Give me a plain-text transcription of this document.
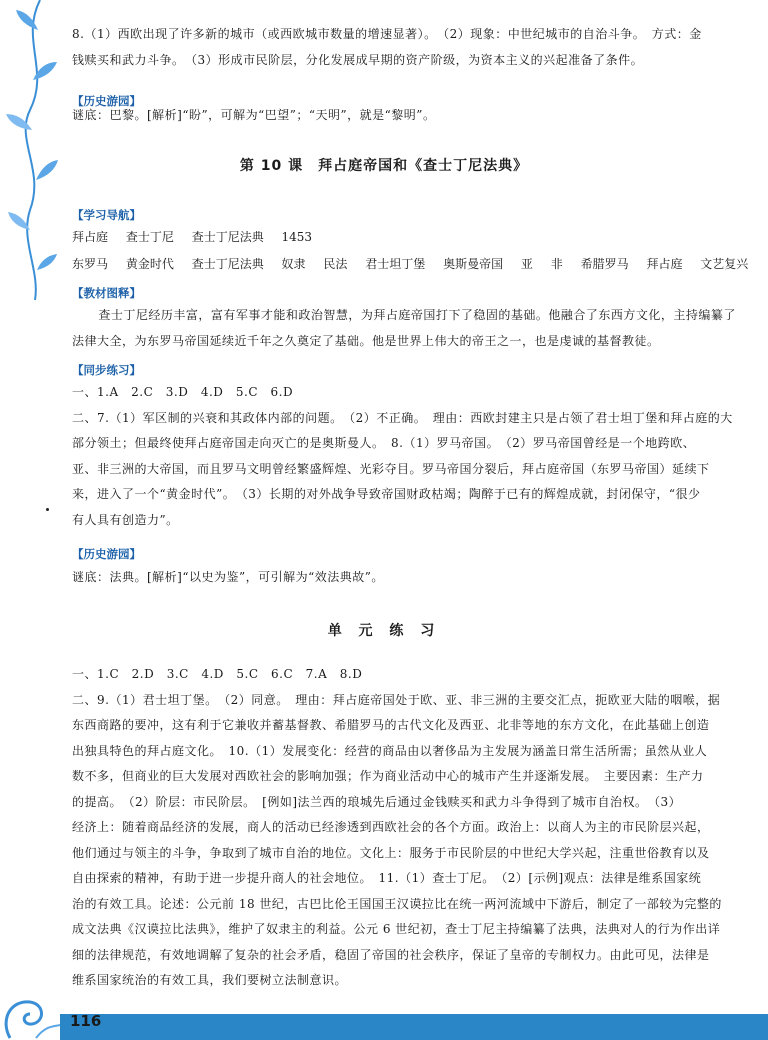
8.（1）西欧出现了许多新的城市（或西欧城市数量的增速显著）。　（2）现象：中世纪城市的自治斗争。　方式：金

钱赎买和武力斗争。　（3）形成市民阶层，分化发展成早期的资产阶级，为资本主义的兴起准备了条件。

【历史游园】

谜底：巴黎。[解析]“盼”，可解为“巴望”；“天明”，就是“黎明”。

第 10 课　拜占庭帝国和《查士丁尼法典》
【学习导航】
拜占庭 查士丁尼 查士丁尼法典 1453
东罗马 黄金时代 查士丁尼法典 奴隶 民法 君士坦丁堡 奥斯曼帝国 亚 非 希腊罗马 拜占庭 文艺复兴
【教材图释】

查士丁尼经历丰富，富有军事才能和政治智慧，为拜占庭帝国打下了稳固的基础。他融合了东西方文化，主持编纂了

法律大全，为东罗马帝国延续近千年之久奠定了基础。他是世界上伟大的帝王之一，也是虔诚的基督教徒。

【同步练习】

一、1.A　2.C　3.D　4.D　5.C　6.D

二、7.（1）军区制的兴衰和其政体内部的问题。　（2）不正确。　理由：西欧封建主只是占领了君士坦丁堡和拜占庭的大

部分领土；但最终使拜占庭帝国走向灭亡的是奥斯曼人。　8.（1）罗马帝国。　（2）罗马帝国曾经是一个地跨欧、

亚、非三洲的大帝国，而且罗马文明曾经繁盛辉煌、光彩夺目。罗马帝国分裂后，拜占庭帝国（东罗马帝国）延续下

来，进入了一个“黄金时代”。　（3）长期的对外战争导致帝国财政枯竭；陶醉于已有的辉煌成就，封闭保守，“很少

有人具有创造力”。

【历史游园】

谜底：法典。[解析]“以史为鉴”，可引解为“效法典故”。

单 元 练 习

一、1.C　2.D　3.C　4.D　5.C　6.C　7.A　8.D

二、9.（1）君士坦丁堡。　（2）同意。　理由：拜占庭帝国处于欧、亚、非三洲的主要交汇点，扼欧亚大陆的咽喉，据

东西商路的要冲，这有利于它兼收并蓄基督教、希腊罗马的古代文化及西亚、北非等地的东方文化，在此基础上创造

出独具特色的拜占庭文化。　10.（1）发展变化：经营的商品由以奢侈品为主发展为涵盖日常生活所需；虽然从业人

数不多，但商业的巨大发展对西欧社会的影响加强；作为商业活动中心的城市产生并逐渐发展。　主要因素：生产力

的提高。　（2）阶层：市民阶层。　[例如]法兰西的琅城先后通过金钱赎买和武力斗争得到了城市自治权。　（3）

经济上：随着商品经济的发展，商人的活动已经渗透到西欧社会的各个方面。政治上：以商人为主的市民阶层兴起，

他们通过与领主的斗争，争取到了城市自治的地位。文化上：服务于市民阶层的中世纪大学兴起，注重世俗教育以及

自由探索的精神，有助于进一步提升商人的社会地位。　11.（1）查士丁尼。　（2）[示例]观点：法律是维系国家统

治的有效工具。论述：公元前 18 世纪，古巴比伦王国国王汉谟拉比在统一两河流域中下游后，制定了一部较为完整的

成文法典《汉谟拉比法典》，维护了奴隶主的利益。公元 6 世纪初，查士丁尼主持编纂了法典，法典对人的行为作出详

细的法律规范，有效地调解了复杂的社会矛盾，稳固了帝国的社会秩序，保证了皇帝的专制权力。由此可见，法律是

维系国家统治的有效工具，我们要树立法制意识。

116
